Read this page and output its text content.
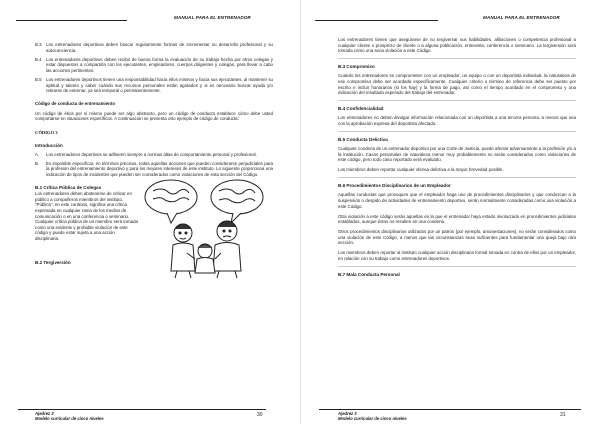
MANUAL PARA EL ENTRENADOR
B.3	Los entrenadores deportivos deben buscar regularmente formas de incrementar su desarrollo profesional y su autoconciencia.
B.4	Los entrenadores deportivos deben recibir de buena forma la evaluación de su trabajo hecha por otros colegas y estar dispuestos a compartirla con los ejecutantes, empleadores, cuerpos dirigentes y colegas, para llevar a cabo las acciones pertinentes.
B.5	Los entrenadores deportivos tienen una responsabilidad hacia ellos mismos y hacia sus ejecutantes, al mantener su aptitud y talento y saber cuándo sus recursos personales están agotados y si es necesario buscar ayuda y/o retirarse de entrenar, ya sea temporal o permanentemente.

Código de conducta de entrenamiento

Un código de ética por sí mismo puede ser algo abstracto, pero un código de conducta establece cómo debe usted comportarse en situaciones específicas. A continuación se presenta otro ejemplo de código de conducta:

CÓDIGO 3
Introducción
A.	Los entrenadores deportivos se adhieren siempre a normas altas de comportamiento personal y profesional.
B.	Es imposible especificar, en términos precisos, todas aquellas acciones que pueden considerarse perjudiciales para la profesión del entrenamiento deportivo y para los mejores intereses de este instituto. Lo siguiente proporciona una indicación de tipos de incidentes que pueden ser considerados como violaciones de esta sección del Código.
B.1 Crítica Pública de Colegas

Los entrenadores deben abstenerse de criticar en público a compañeros miembros del instituto. "Pública", en este contexto, significa una crítica expresada en cualquier rama de los medios de comunicación o en una conferencia o seminario. Cualquier crítica pública de un miembro será tomada como una evidente y probable violación de este código y puede estar sujeta a una acción disciplinaria.

B.2 Tergiversión
Ajedrez 3
Modelo curricular de cinco niveles
30
MANUAL PARA EL ENTRENADOR

Los entrenadores tienen que asegurarse de no tergiversar sus habilidades, afiliaciones o competencia profesional a cualquier cliente o prospecto de cliente o a alguna publicación, entrevista, conferencia o seminario. La tergiversión será tomada como una seria violación a este Código.

B.3 Compromiso

Cuando los entrenadores se comprometen con un empleador, un equipo o con un deportista individual, la naturaleza de ese compromiso debe ser acordada específicamente. Cualquier criterio o término de referencia debe ser puesto por escrito e incluir honorarios (si los hay) y la forma de pago, así como el tiempo acordado en el compromiso y una indicación del resultado esperado del trabajo del entrenador.

B.4 Confidencialidad

Los entrenadores no deben divulgar información relacionada con un deportista a una tercera persona, a menos que sea con la aprobación expresa del deportista afectado.

B.5 Conducta Delictiva

Cualquier condena de un entrenador deportivo por una Corte de Justicia, puede afectar adversamente a la profesión y/o a la institución. Casos personales de naturaleza menor muy probablemente no serán considerados como violaciones de este código, pero todo caso reportado será evaluado.

Los miembros deben reportar cualquier ofensa delictiva a la mayor brevedad posible.

B.6 Procedimientos Disciplinarios de un Empleador

Aquellas conductas que provoquen que el empleador haga uso de procedimientos disciplinarios y que conduzcan a la suspensión o despido de actividades de entrenamiento deportivo, serán normalmente consideradas como una violación a este Código.

Otra violación a este código serán aquellas en la que el entrenador haya estado involucrado en procedimientos judiciales entablados, aunque éstos no resulten en una condena.

Otros procedimientos disciplinarios utilizados por un patrón (por ejemplo, amonestaciones), no serán considerados como una violación de este Código, a menos que las circunstancias sean suficientes para fundamentar una queja bajo otra sección.

Los miembros deben reportar al instituto cualquier acción disciplinaria formal tomada en contra de ellos por un empleador, en relación con su trabajo como entrenadores deportivos.

B.7 Mala Conducta Personal
Ajedrez 3
Modelo curricular de cinco niveles
31
